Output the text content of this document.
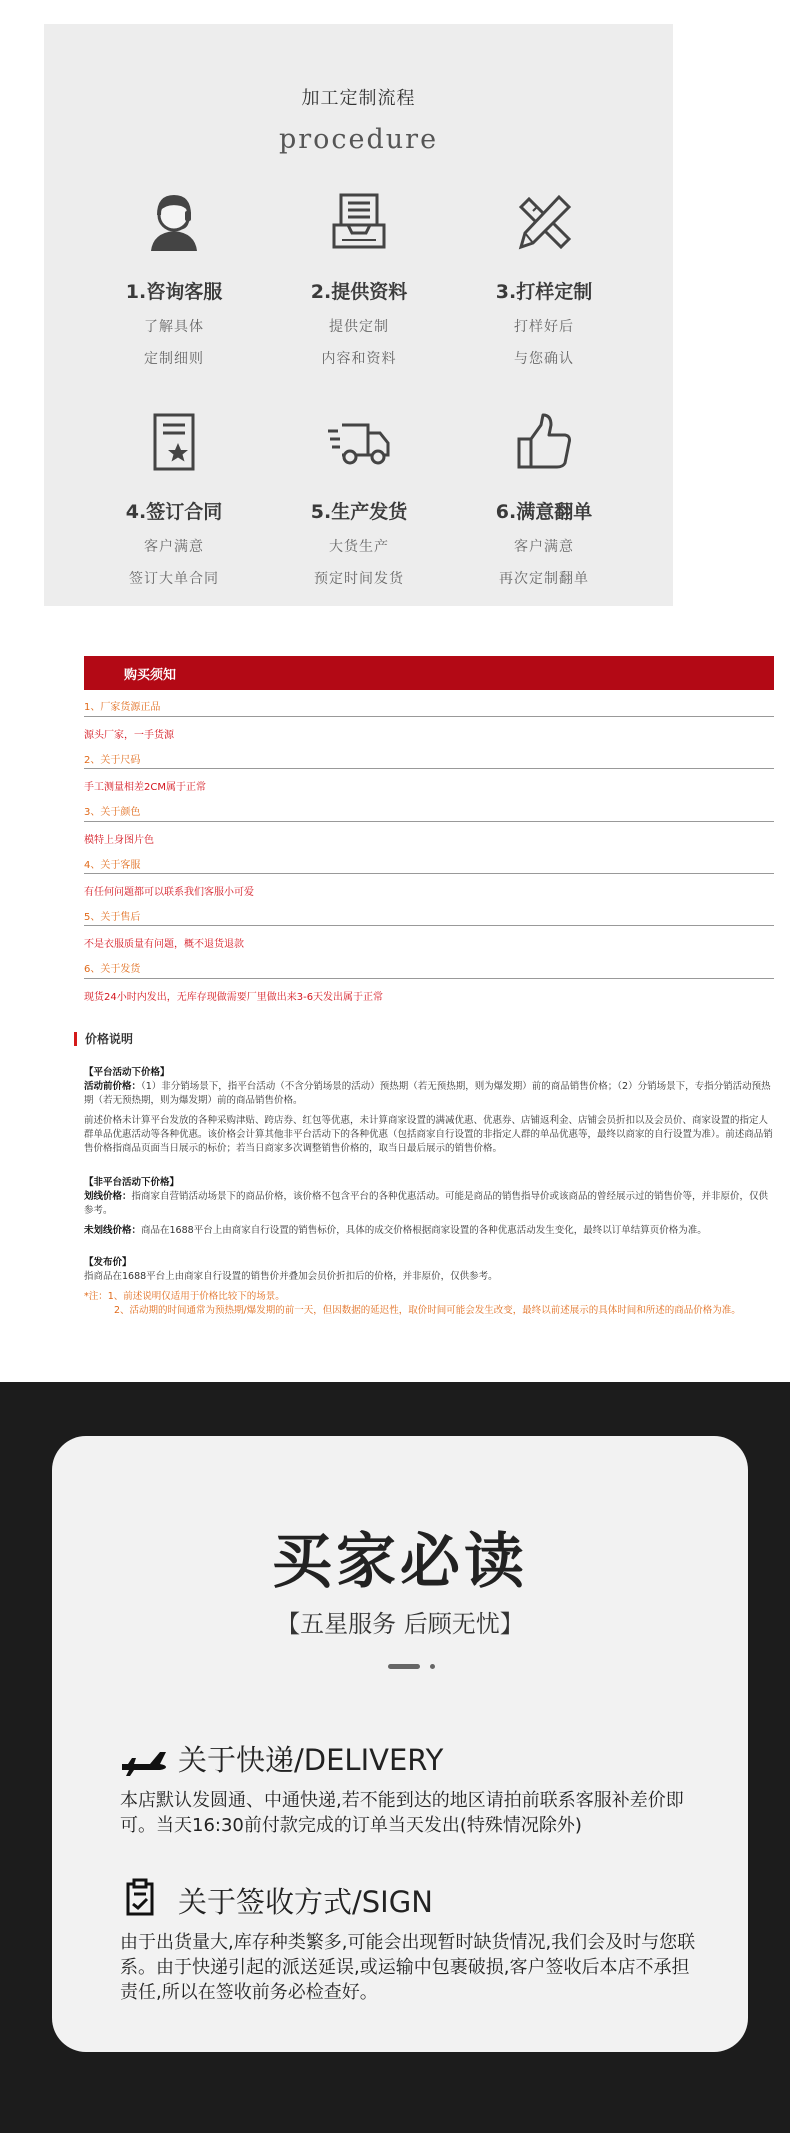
加工定制流程
procedure
1.咨询客服
了解具体
定制细则
2.提供资料
提供定制
内容和资料
3.打样定制
打样好后
与您确认
4.签订合同
客户满意
签订大单合同
5.生产发货
大货生产
预定时间发货
6.满意翻单
客户满意
再次定制翻单
购买须知
1、厂家货源正品
源头厂家，一手货源
2、关于尺码
手工测量相差2CM属于正常
3、关于颜色
模特上身图片色
4、关于客服
有任何问题都可以联系我们客服小可爱
5、关于售后
不是衣服质量有问题，概不退货退款
6、关于发货
现货24小时内发出，无库存现做需要厂里做出来3-6天发出属于正常
价格说明
【平台活动下价格】
活动前价格：（1）非分销场景下，指平台活动（不含分销场景的活动）预热期（若无预热期，则为爆发期）前的商品销售价格；（2）分销场景下，专指分销活动预热期（若无预热期，则为爆发期）前的商品销售价格。
前述价格未计算平台发放的各种采购津贴、跨店券、红包等优惠，未计算商家设置的满减优惠、优惠券、店铺返利金、店铺会员折扣以及会员价、商家设置的指定人群单品优惠活动等各种优惠。该价格会计算其他非平台活动下的各种优惠（包括商家自行设置的非指定人群的单品优惠等，最终以商家的自行设置为准）。前述商品销售价格指商品页面当日展示的标价；若当日商家多次调整销售价格的，取当日最后展示的销售价格。
【非平台活动下价格】
划线价格：指商家自营销活动场景下的商品价格，该价格不包含平台的各种优惠活动。可能是商品的销售指导价或该商品的曾经展示过的销售价等，并非原价，仅供参考。
未划线价格：商品在1688平台上由商家自行设置的销售标价，具体的成交价格根据商家设置的各种优惠活动发生变化，最终以订单结算页价格为准。
【发布价】
指商品在1688平台上由商家自行设置的销售价并叠加会员价折扣后的价格，并非原价，仅供参考。
*注：1、前述说明仅适用于价格比较下的场景。
2、活动期的时间通常为预热期/爆发期的前一天，但因数据的延迟性，取价时间可能会发生改变，最终以前述展示的具体时间和所述的商品价格为准。
买家必读
【五星服务 后顾无忧】
关于快递/DELIVERY
本店默认发圆通、中通快递,若不能到达的地区请拍前联系客服补差价即可。当天16:30前付款完成的订单当天发出(特殊情况除外)
关于签收方式/SIGN
由于出货量大,库存种类繁多,可能会出现暂时缺货情况,我们会及时与您联系。由于快递引起的派送延误,或运输中包裹破损,客户签收后本店不承担责任,所以在签收前务必检查好。
